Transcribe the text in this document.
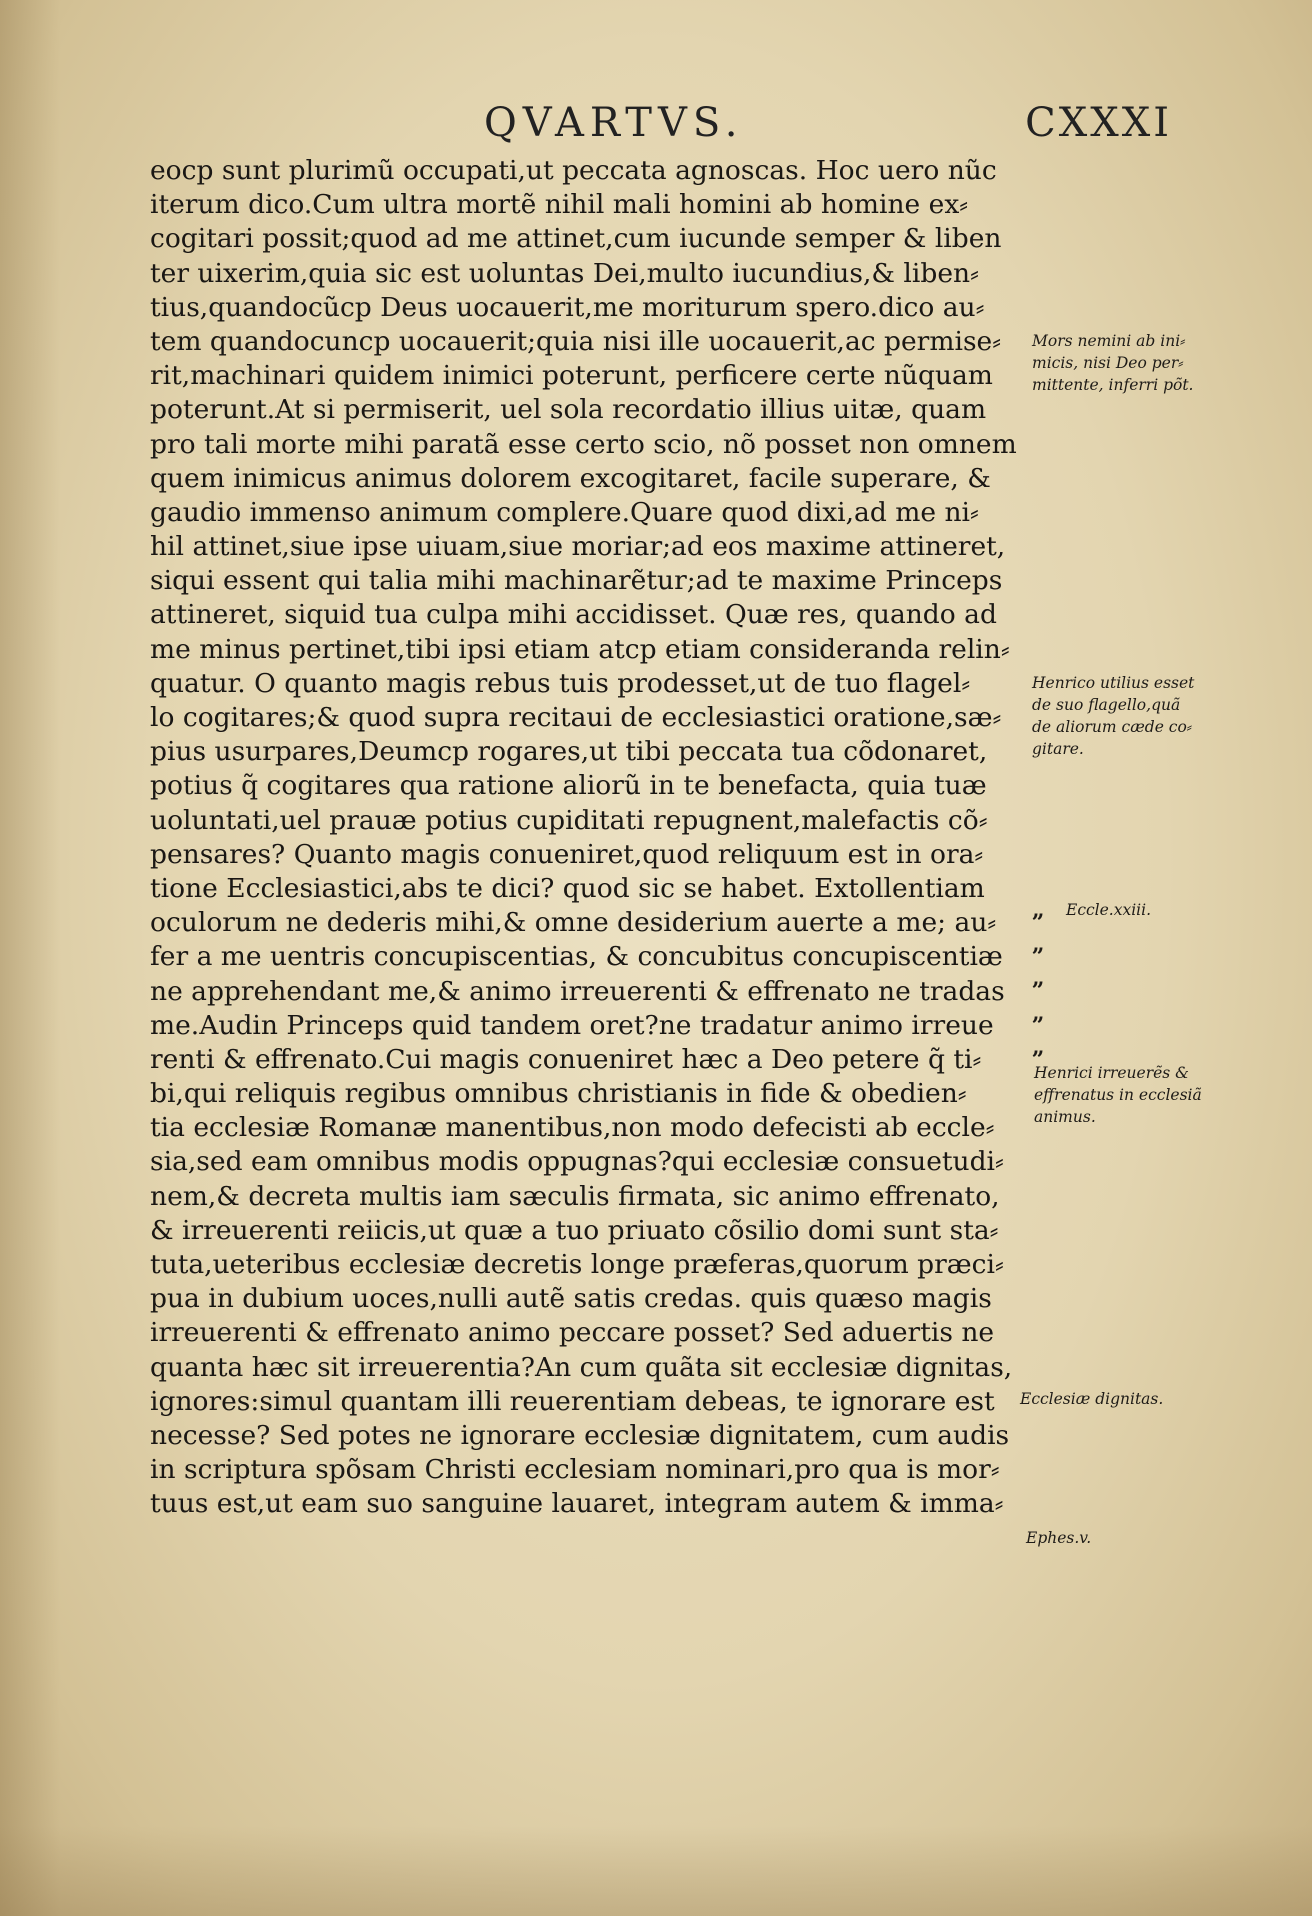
QVARTVS.	CXXXI
eocp sunt plurimũ occupati,ut peccata agnoscas. Hoc uero nũc
iterum dico.Cum ultra mortẽ nihil mali homini ab homine ex⸗
cogitari possit;quod ad me attinet,cum iucunde semper & liben
ter uixerim,quia sic est uoluntas Dei,multo iucundius,& liben⸗
tius,quandocũcp Deus uocauerit,me moriturum spero.dico au⸗
tem quandocuncp uocauerit;quia nisi ille uocauerit,ac permise⸗
rit,machinari quidem inimici poterunt, perficere certe nũquam
poterunt.At si permiserit, uel sola recordatio illius uitæ, quam
pro tali morte mihi paratã esse certo scio, nõ posset non omnem
quem inimicus animus dolorem excogitaret, facile superare, &
gaudio immenso animum complere.Quare quod dixi,ad me ni⸗
hil attinet,siue ipse uiuam,siue moriar;ad eos maxime attineret,
siqui essent qui talia mihi machinarẽtur;ad te maxime Princeps
attineret, siquid tua culpa mihi accidisset. Quæ res, quando ad
me minus pertinet,tibi ipsi etiam atcp etiam consideranda relin⸗
quatur. O quanto magis rebus tuis prodesset,ut de tuo flagel⸗
lo cogitares;& quod supra recitaui de ecclesiastici oratione,sæ⸗
pius usurpares,Deumcp rogares,ut tibi peccata tua cõdonaret,
potius q̃ cogitares qua ratione aliorũ in te benefacta, quia tuæ
uoluntati,uel prauæ potius cupiditati repugnent,malefactis cõ⸗
pensares? Quanto magis conueniret,quod reliquum est in ora⸗
tione Ecclesiastici,abs te dici? quod sic se habet. Extollentiam
oculorum ne dederis mihi,& omne desiderium auerte a me; au⸗
fer a me uentris concupiscentias, & concubitus concupiscentiæ
ne apprehendant me,& animo irreuerenti & effrenato ne tradas
me.Audin Princeps quid tandem oret?ne tradatur animo irreue
renti & effrenato.Cui magis conueniret hæc a Deo petere q̃ ti⸗
bi,qui reliquis regibus omnibus christianis in fide & obedien⸗
tia ecclesiæ Romanæ manentibus,non modo defecisti ab eccle⸗
sia,sed eam omnibus modis oppugnas?qui ecclesiæ consuetudi⸗
nem,& decreta multis iam sæculis firmata, sic animo effrenato,
& irreuerenti reiicis,ut quæ a tuo priuato cõsilio domi sunt sta⸗
tuta,ueteribus ecclesiæ decretis longe præferas,quorum præci⸗
pua in dubium uoces,nulli autẽ satis credas. quis quæso magis
irreuerenti & effrenato animo peccare posset? Sed aduertis ne
quanta hæc sit irreuerentia?An cum quãta sit ecclesiæ dignitas,
ignores:simul quantam illi reuerentiam debeas, te ignorare est
necesse? Sed potes ne ignorare ecclesiæ dignitatem, cum audis
in scriptura spõsam Christi ecclesiam nominari,pro qua is mor⸗
tuus est,ut eam suo sanguine lauaret, integram autem & imma⸗
Mors nemini ab ini⸗
micis, nisi Deo per⸗
mittente, inferri põt.
Henrico utilius esset
de suo flagello,quã
de aliorum cæde co⸗
gitare.
„
„
„
„
„
Eccle.xxiii.
Henrici irreuerẽs &
effrenatus in ecclesiã
animus.
Ecclesiæ dignitas.
Ephes.v.
